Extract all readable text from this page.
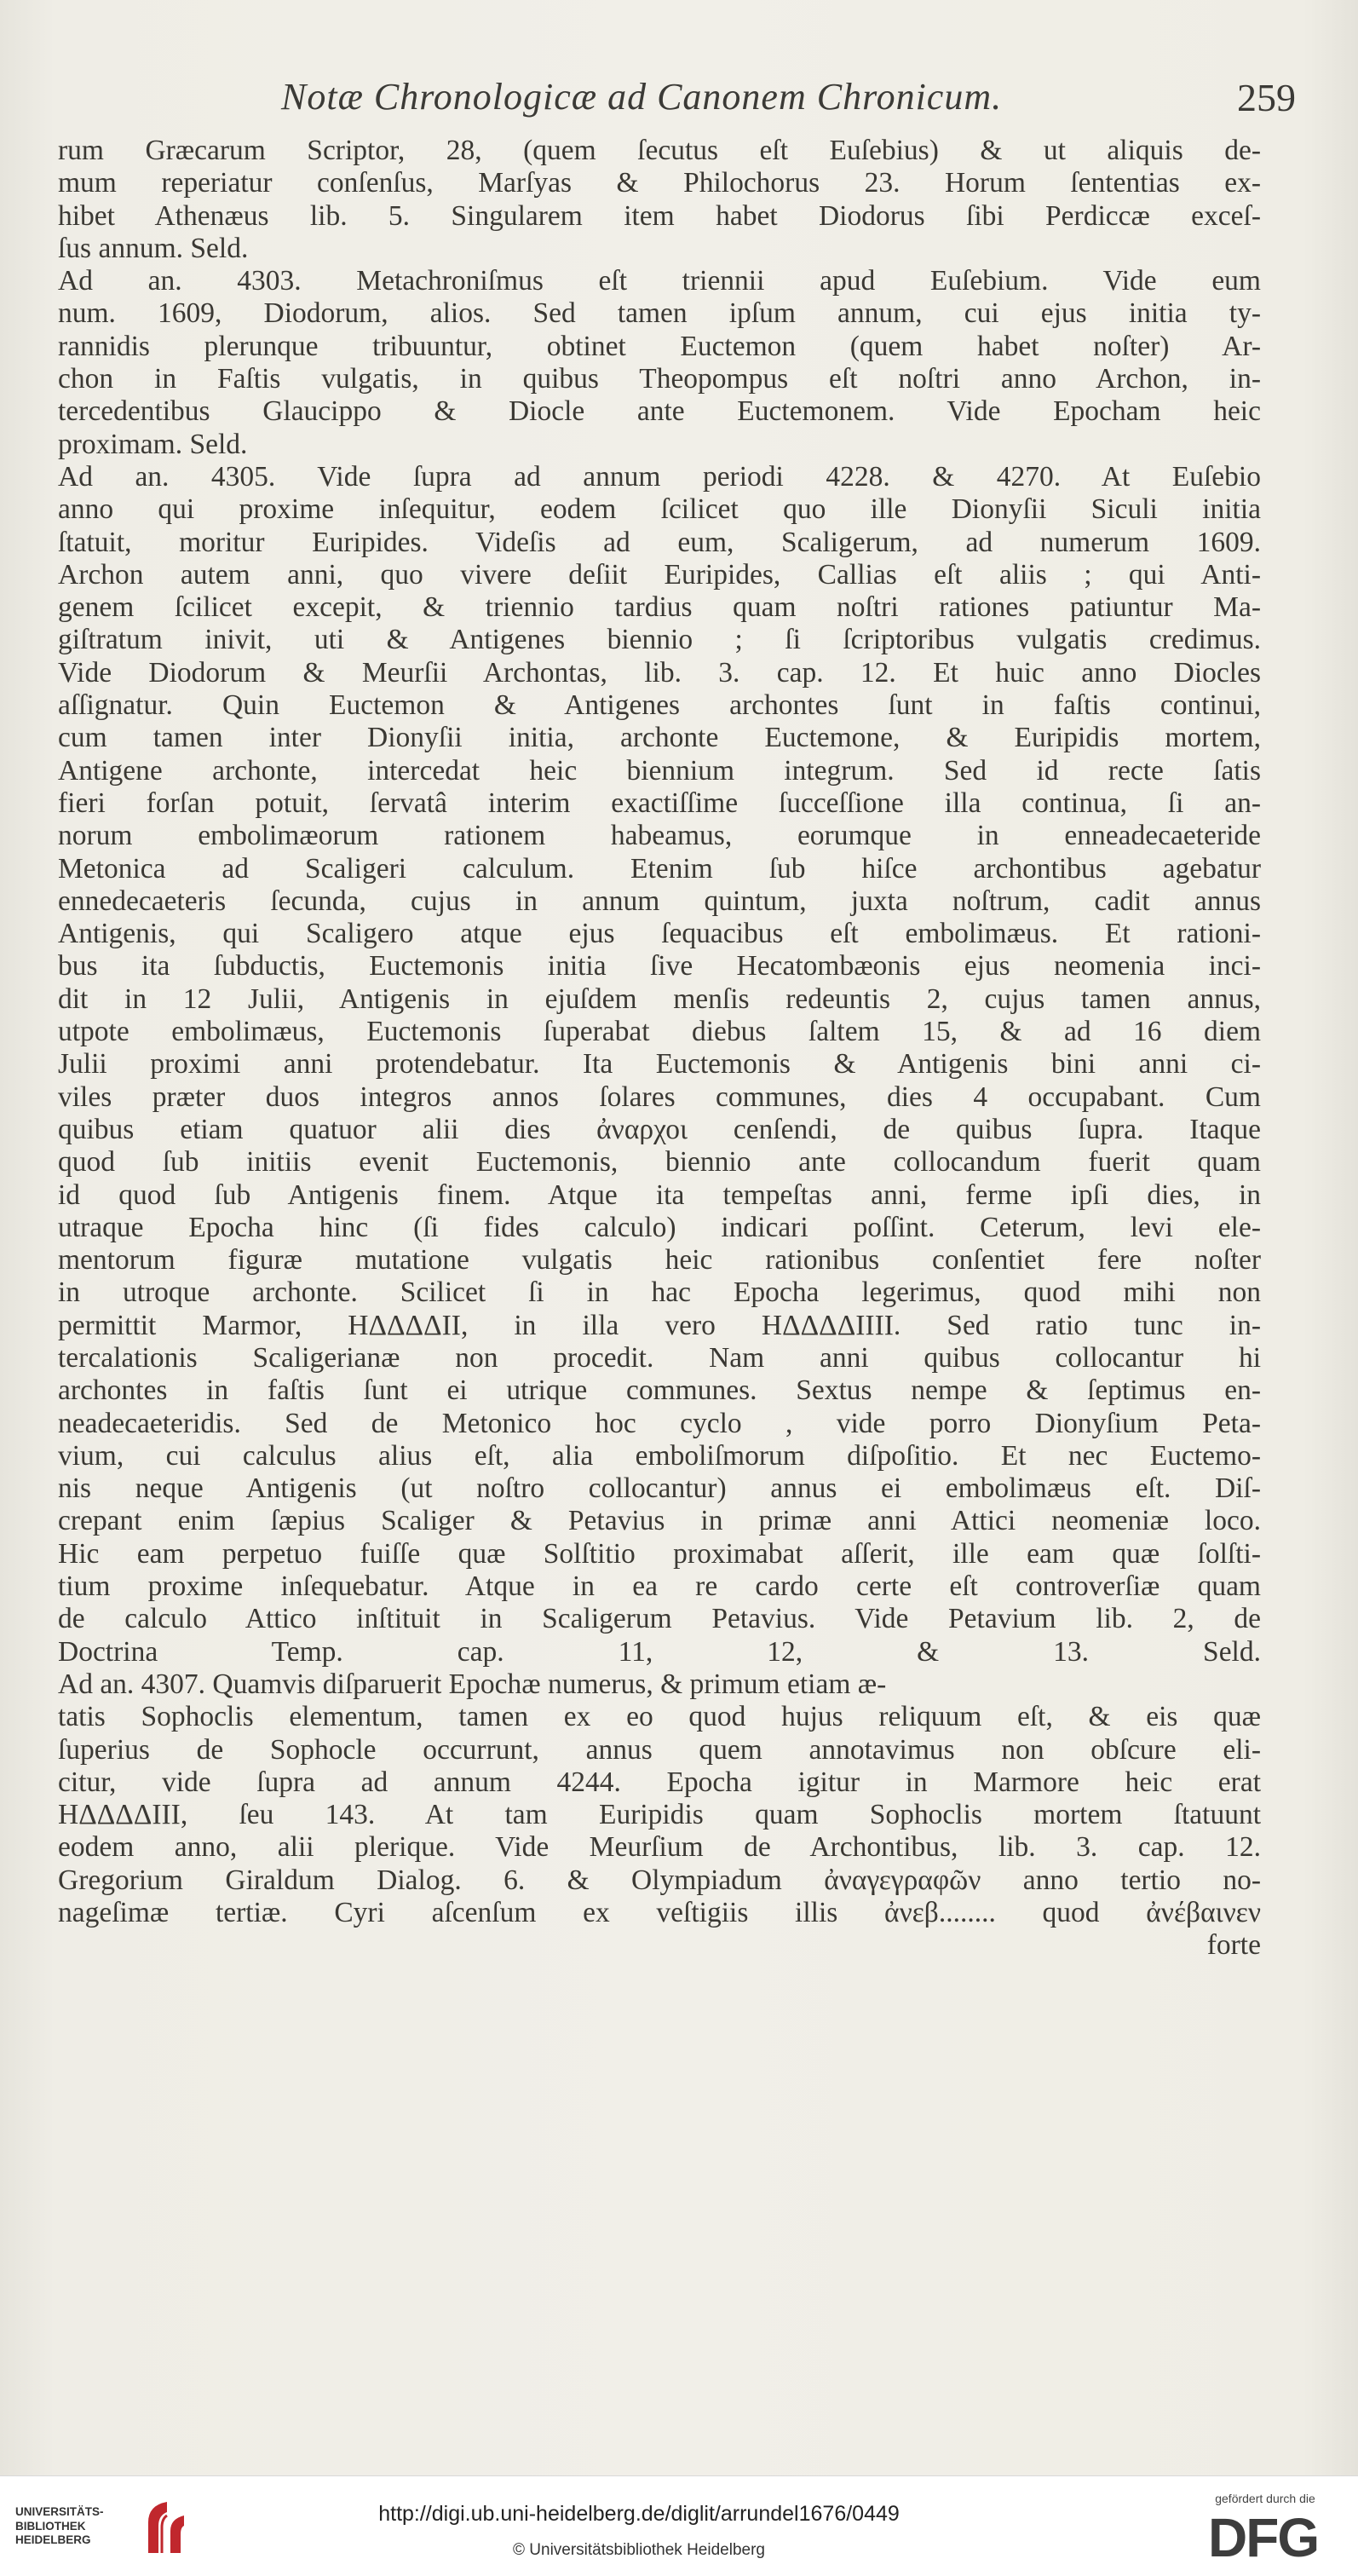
Notæ Chronologicæ ad Canonem Chronicum.	259
rum Græcarum Scriptor, 28, (quem ſecutus eſt Euſebius) & ut aliquis de-
mum reperiatur conſenſus, Marſyas & Philochorus 23. Horum ſententias ex-
hibet Athenæus lib. 5. Singularem item habet Diodorus ſibi Perdiccæ exceſ-
ſus annum. Seld.
Ad an. 4303. Metachroniſmus eſt triennii apud Euſebium. Vide eum
num. 1609, Diodorum, alios. Sed tamen ipſum annum, cui ejus initia ty-
rannidis plerunque tribuuntur, obtinet Euctemon (quem habet noſter) Ar-
chon in Faſtis vulgatis, in quibus Theopompus eſt noſtri anno Archon, in-
tercedentibus Glaucippo & Diocle ante Euctemonem. Vide Epocham heic
proximam. Seld.
Ad an. 4305. Vide ſupra ad annum periodi 4228. & 4270. At Euſebio
anno qui proxime inſequitur, eodem ſcilicet quo ille Dionyſii Siculi initia
ſtatuit, moritur Euripides. Videſis ad eum, Scaligerum, ad numerum 1609.
Archon autem anni, quo vivere deſiit Euripides, Callias eſt aliis ; qui Anti-
genem ſcilicet excepit, & triennio tardius quam noſtri rationes patiuntur Ma-
giſtratum inivit, uti & Antigenes biennio ; ſi ſcriptoribus vulgatis credimus.
Vide Diodorum & Meurſii Archontas, lib. 3. cap. 12. Et huic anno Diocles
aſſignatur. Quin Euctemon & Antigenes archontes ſunt in faſtis continui,
cum tamen inter Dionyſii initia, archonte Euctemone, & Euripidis mortem,
Antigene archonte, intercedat heic biennium integrum. Sed id recte ſatis
fieri forſan potuit, ſervatâ interim exactiſſime ſucceſſione illa continua, ſi an-
norum embolimæorum rationem habeamus, eorumque in enneadecaeteride
Metonica ad Scaligeri calculum. Etenim ſub hiſce archontibus agebatur
ennedecaeteris ſecunda, cujus in annum quintum, juxta noſtrum, cadit annus
Antigenis, qui Scaligero atque ejus ſequacibus eſt embolimæus. Et rationi-
bus ita ſubductis, Euctemonis initia ſive Hecatombæonis ejus neomenia inci-
dit in 12 Julii, Antigenis in ejuſdem menſis redeuntis 2, cujus tamen annus,
utpote embolimæus, Euctemonis ſuperabat diebus ſaltem 15, & ad 16 diem
Julii proximi anni protendebatur. Ita Euctemonis & Antigenis bini anni ci-
viles præter duos integros annos ſolares communes, dies 4 occupabant. Cum
quibus etiam quatuor alii dies ἀναρχοι cenſendi, de quibus ſupra. Itaque
quod ſub initiis evenit Euctemonis, biennio ante collocandum fuerit quam
id quod ſub Antigenis finem. Atque ita tempeſtas anni, ferme ipſi dies, in
utraque Epocha hinc (ſi fides calculo) indicari poſſint. Ceterum, levi ele-
mentorum figuræ mutatione vulgatis heic rationibus conſentiet fere noſter
in utroque archonte. Scilicet ſi in hac Epocha legerimus, quod mihi non
permittit Marmor, HΔΔΔΔΙΙ, in illa vero HΔΔΔΔΙΙΙΙ. Sed ratio tunc in-
tercalationis Scaligerianæ non procedit. Nam anni quibus collocantur hi
archontes in faſtis ſunt ei utrique communes. Sextus nempe & ſeptimus en-
neadecaeteridis. Sed de Metonico hoc cyclo , vide porro Dionyſium Peta-
vium, cui calculus alius eſt, alia emboliſmorum diſpoſitio. Et nec Euctemo-
nis neque Antigenis (ut noſtro collocantur) annus ei embolimæus eſt. Diſ-
crepant enim ſæpius Scaliger & Petavius in primæ anni Attici neomeniæ loco.
Hic eam perpetuo fuiſſe quæ Solſtitio proximabat aſſerit, ille eam quæ ſolſti-
tium proxime inſequebatur. Atque in ea re cardo certe eſt controverſiæ quam
de calculo Attico inſtituit in Scaligerum Petavius. Vide Petavium lib. 2, de
Doctrina Temp. cap. 11, 12, & 13. Seld.
Ad an. 4307. Quamvis diſparuerit Epochæ numerus, & primum etiam æ-
tatis Sophoclis elementum, tamen ex eo quod hujus reliquum eſt, & eis quæ
ſuperius de Sophocle occurrunt, annus quem annotavimus non obſcure eli-
citur, vide ſupra ad annum 4244. Epocha igitur in Marmore heic erat
HΔΔΔΔΙΙΙ, ſeu 143. At tam Euripidis quam Sophoclis mortem ſtatuunt
eodem anno, alii plerique. Vide Meurſium de Archontibus, lib. 3. cap. 12.
Gregorium Giraldum Dialog. 6. & Olympiadum ἀναγεγραφῶν anno tertio no-
nageſimæ tertiæ. Cyri aſcenſum ex veſtigiis illis ἀνεβ........ quod ἀνέβαινεν
forte
UNIVERSITÄTS-
BIBLIOTHEK
HEIDELBERG
http://digi.ub.uni-heidelberg.de/diglit/arrundel1676/0449
© Universitätsbibliothek Heidelberg
gefördert durch die
DFG
